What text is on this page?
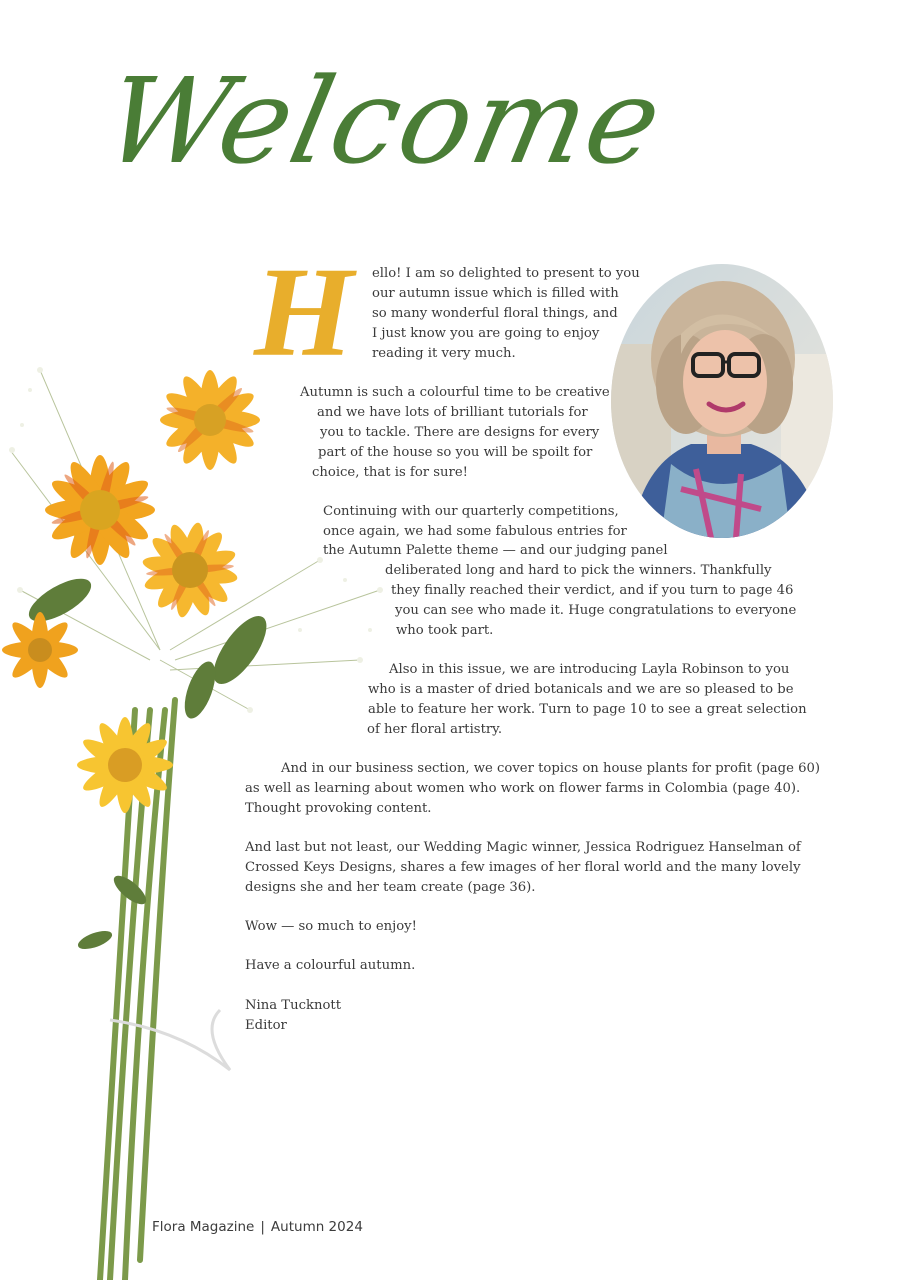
Welcome
H ello! I am so delighted to present to you
our autumn issue which is filled with
so many wonderful floral things, and
I just know you are going to enjoy
reading it very much.
Autumn is such a colourful time to be creative
and we have lots of brilliant tutorials for
you to tackle. There are designs for every
part of the house so you will be spoilt for
choice, that is for sure!
Continuing with our quarterly competitions,
once again, we had some fabulous entries for
the Autumn Palette theme — and our judging panel
deliberated long and hard to pick the winners. Thankfully
they finally reached their verdict, and if you turn to page 46
you can see who made it. Huge congratulations to everyone
who took part.
Also in this issue, we are introducing Layla Robinson to you
who is a master of dried botanicals and we are so pleased to be
able to feature her work. Turn to page 10 to see a great selection
of her floral artistry.
And in our business section, we cover topics on house plants for profit (page 60)
as well as learning about women who work on flower farms in Colombia (page 40).
Thought provoking content.
And last but not least, our Wedding Magic winner, Jessica Rodriguez Hanselman of
Crossed Keys Designs, shares a few images of her floral world and the many lovely
designs she and her team create (page 36).
Wow — so much to enjoy!
Have a colourful autumn.
Nina Tucknott
Editor
Flora Magazine | Autumn 2024
